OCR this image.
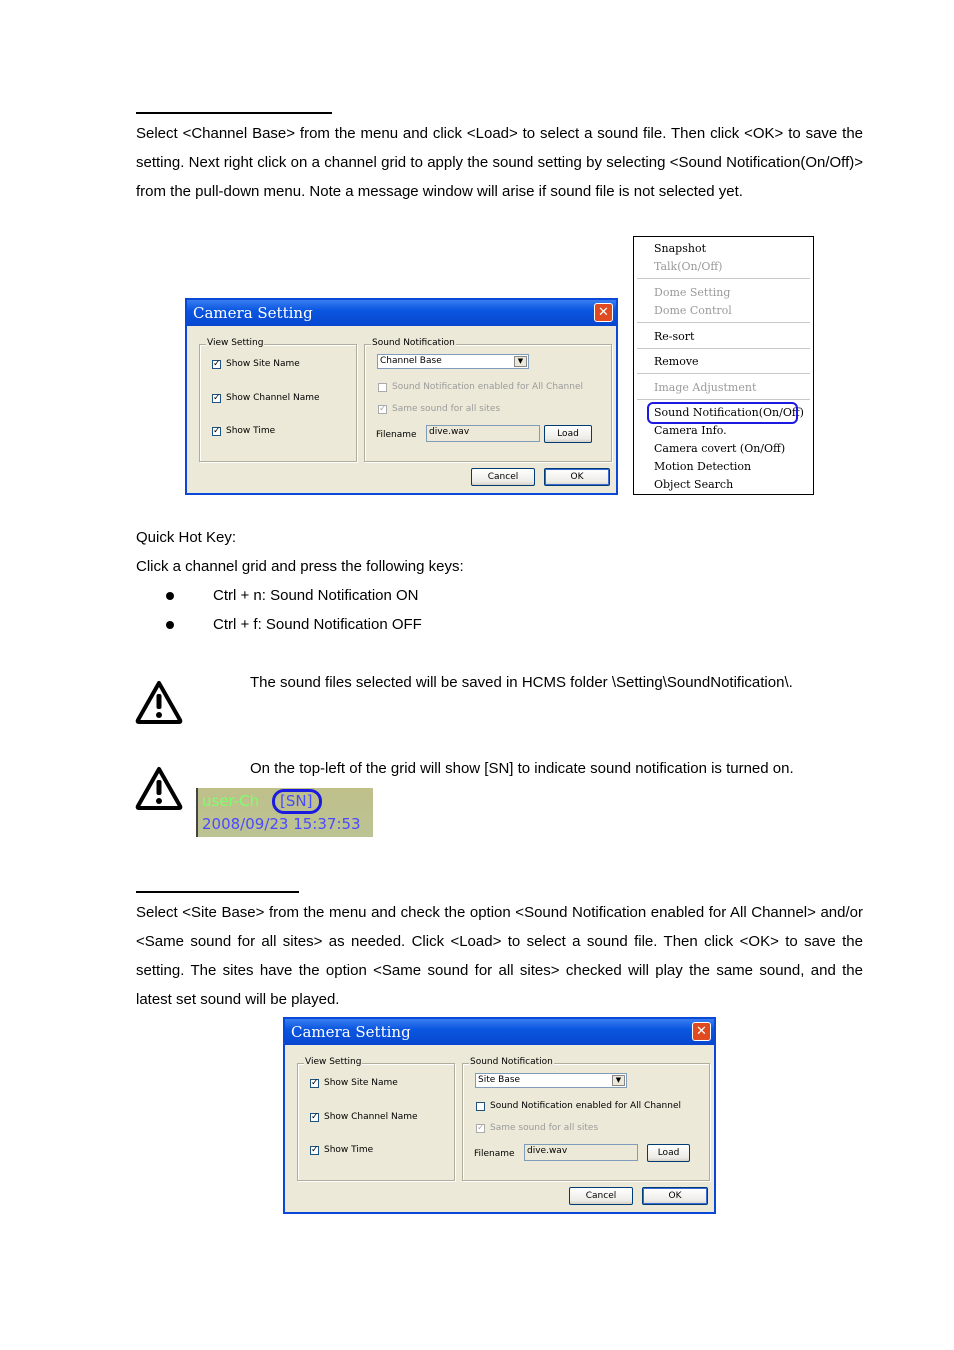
Select <Channel Base> from the menu and click <Load> to select a sound file. Then click <OK> to save the setting. Next right click on a channel grid to apply the sound setting by selecting <Sound Notification(On/Off)> from the pull-down menu. Note a message window will arise if sound file is not selected yet.
Camera Setting	✕
View Setting
✓ Show Site Name
✓ Show Channel Name
✓ Show Time
Sound Notification
Channel Base	▼
Sound Notification enabled for All Channel
✓ Same sound for all sites
Filename dive.wav	Load
Cancel	OK
Snapshot
Talk(On/Off)
Dome Setting
Dome Control
Re-sort
Remove
Image Adjustment
Sound Notification(On/Off)
Camera Info.
Camera covert (On/Off)
Motion Detection
Object Search
Quick Hot Key:
Click a channel grid and press the following keys:
Ctrl + n: Sound Notification ON
Ctrl + f: Sound Notification OFF
The sound files selected will be saved in HCMS folder \Setting\SoundNotification\.
On the top-left of the grid will show [SN] to indicate sound notification is turned on.
user-Ch [SN]
2008/09/23 15:37:53
Select <Site Base> from the menu and check the option <Sound Notification enabled for All Channel> and/or <Same sound for all sites> as needed. Click <Load> to select a sound file. Then click <OK> to save the setting. The sites have the option <Same sound for all sites> checked will play the same sound, and the latest set sound will be played.
Camera Setting	✕
View Setting
✓ Show Site Name
✓ Show Channel Name
✓ Show Time
Sound Notification
Site Base	▼
Sound Notification enabled for All Channel
✓ Same sound for all sites
Filename dive.wav	Load
Cancel	OK
